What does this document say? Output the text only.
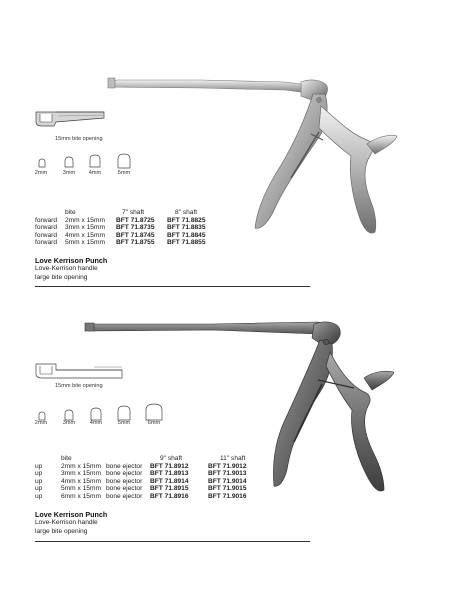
15mm bite opening
2mm	3mm	4mm	5mm
	bite	7" shaft	8" shaft
forward	2mm x 15mm	BFT 71.8725	BFT 71.8825
forward	3mm x 15mm	BFT 71.8735	BFT 71.8835
forward	4mm x 15mm	BFT 71.8745	BFT 71.8845
forward	5mm x 15mm	BFT 71.8755	BFT 71.8855
Love Kerrison Punch
Love-Kerrison handle
large bite opening
15mm bite opening
2mm	3mm	4mm	5mm	6mm
	bite		9" shaft	11" shaft
up	2mm x 15mm	bone ejector	BFT 71.8912	BFT 71.9012
up	3mm x 15mm	bone ejector	BFT 71.8913	BFT 71.9013
up	4mm x 15mm	bone ejector	BFT 71.8914	BFT 71.9014
up	5mm x 15mm	bone ejector	BFT 71.8915	BFT 71.9015
up	6mm x 15mm	bone ejector	BFT 71.8916	BFT 71.9016
Love Kerrison Punch
Love-Kerrison handle
large bite opening
